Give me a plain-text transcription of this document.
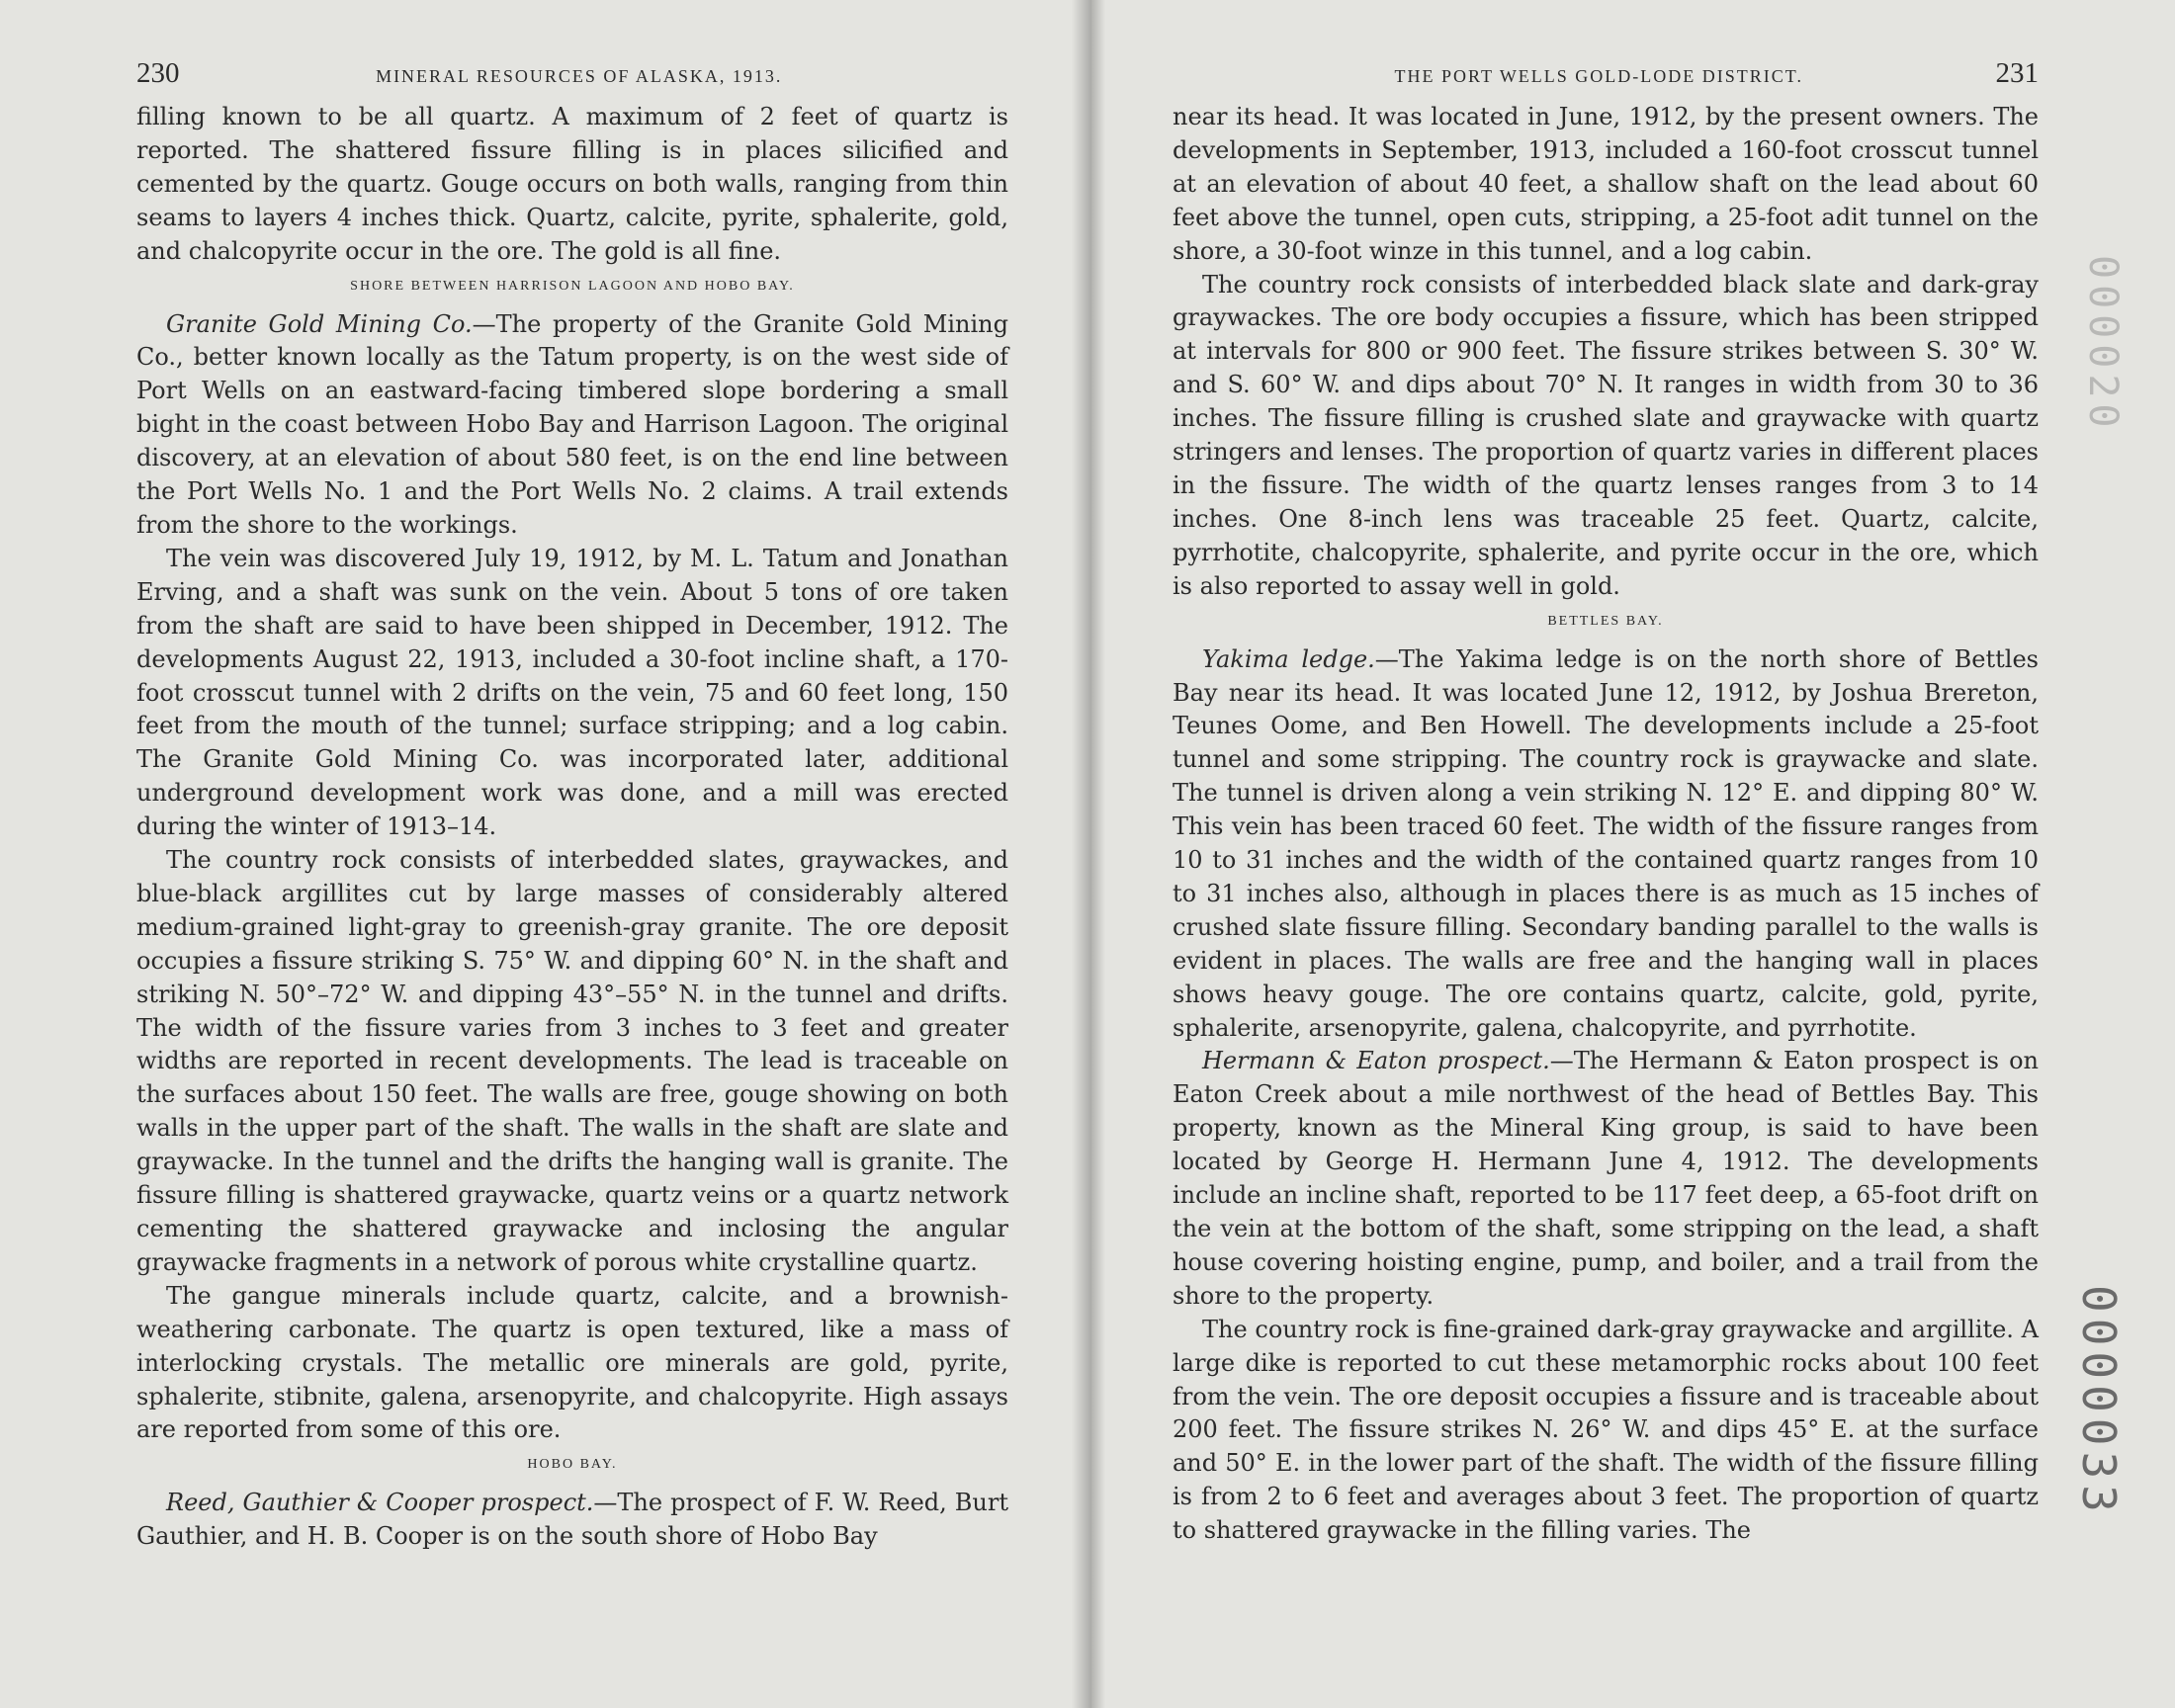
230	MINERAL RESOURCES OF ALASKA, 1913.

filling known to be all quartz. A maximum of 2 feet of quartz is reported. The shattered fissure filling is in places silicified and cemented by the quartz. Gouge occurs on both walls, ranging from thin seams to layers 4 inches thick. Quartz, calcite, pyrite, sphalerite, gold, and chalcopyrite occur in the ore. The gold is all fine.

SHORE BETWEEN HARRISON LAGOON AND HOBO BAY.

Granite Gold Mining Co.—The property of the Granite Gold Mining Co., better known locally as the Tatum property, is on the west side of Port Wells on an eastward-facing timbered slope bordering a small bight in the coast between Hobo Bay and Harrison Lagoon. The original discovery, at an elevation of about 580 feet, is on the end line between the Port Wells No. 1 and the Port Wells No. 2 claims. A trail extends from the shore to the workings.

The vein was discovered July 19, 1912, by M. L. Tatum and Jonathan Erving, and a shaft was sunk on the vein. About 5 tons of ore taken from the shaft are said to have been shipped in December, 1912. The developments August 22, 1913, included a 30-foot incline shaft, a 170-foot crosscut tunnel with 2 drifts on the vein, 75 and 60 feet long, 150 feet from the mouth of the tunnel; surface stripping; and a log cabin. The Granite Gold Mining Co. was incorporated later, additional underground development work was done, and a mill was erected during the winter of 1913–14.

The country rock consists of interbedded slates, graywackes, and blue-black argillites cut by large masses of considerably altered medium-grained light-gray to greenish-gray granite. The ore deposit occupies a fissure striking S. 75° W. and dipping 60° N. in the shaft and striking N. 50°–72° W. and dipping 43°–55° N. in the tunnel and drifts. The width of the fissure varies from 3 inches to 3 feet and greater widths are reported in recent developments. The lead is traceable on the surfaces about 150 feet. The walls are free, gouge showing on both walls in the upper part of the shaft. The walls in the shaft are slate and graywacke. In the tunnel and the drifts the hanging wall is granite. The fissure filling is shattered graywacke, quartz veins or a quartz network cementing the shattered graywacke and inclosing the angular graywacke fragments in a network of porous white crystalline quartz.

The gangue minerals include quartz, calcite, and a brownish-weathering carbonate. The quartz is open textured, like a mass of interlocking crystals. The metallic ore minerals are gold, pyrite, sphalerite, stibnite, galena, arsenopyrite, and chalcopyrite. High assays are reported from some of this ore.

HOBO BAY.

Reed, Gauthier & Cooper prospect.—The prospect of F. W. Reed, Burt Gauthier, and H. B. Cooper is on the south shore of Hobo Bay

THE PORT WELLS GOLD-LODE DISTRICT.	231

near its head. It was located in June, 1912, by the present owners. The developments in September, 1913, included a 160-foot crosscut tunnel at an elevation of about 40 feet, a shallow shaft on the lead about 60 feet above the tunnel, open cuts, stripping, a 25-foot adit tunnel on the shore, a 30-foot winze in this tunnel, and a log cabin.

The country rock consists of interbedded black slate and dark-gray graywackes. The ore body occupies a fissure, which has been stripped at intervals for 800 or 900 feet. The fissure strikes between S. 30° W. and S. 60° W. and dips about 70° N. It ranges in width from 30 to 36 inches. The fissure filling is crushed slate and graywacke with quartz stringers and lenses. The proportion of quartz varies in different places in the fissure. The width of the quartz lenses ranges from 3 to 14 inches. One 8-inch lens was traceable 25 feet. Quartz, calcite, pyrrhotite, chalcopyrite, sphalerite, and pyrite occur in the ore, which is also reported to assay well in gold.

BETTLES BAY.

Yakima ledge.—The Yakima ledge is on the north shore of Bettles Bay near its head. It was located June 12, 1912, by Joshua Brereton, Teunes Oome, and Ben Howell. The developments include a 25-foot tunnel and some stripping. The country rock is graywacke and slate. The tunnel is driven along a vein striking N. 12° E. and dipping 80° W. This vein has been traced 60 feet. The width of the fissure ranges from 10 to 31 inches and the width of the contained quartz ranges from 10 to 31 inches also, although in places there is as much as 15 inches of crushed slate fissure filling. Secondary banding parallel to the walls is evident in places. The walls are free and the hanging wall in places shows heavy gouge. The ore contains quartz, calcite, gold, pyrite, sphalerite, arsenopyrite, galena, chalcopyrite, and pyrrhotite.

Hermann & Eaton prospect.—The Hermann & Eaton prospect is on Eaton Creek about a mile northwest of the head of Bettles Bay. This property, known as the Mineral King group, is said to have been located by George H. Hermann June 4, 1912. The developments include an incline shaft, reported to be 117 feet deep, a 65-foot drift on the vein at the bottom of the shaft, some stripping on the lead, a shaft house covering hoisting engine, pump, and boiler, and a trail from the shore to the property.

The country rock is fine-grained dark-gray graywacke and argillite. A large dike is reported to cut these metamorphic rocks about 100 feet from the vein. The ore deposit occupies a fissure and is traceable about 200 feet. The fissure strikes N. 26° W. and dips 45° E. at the surface and 50° E. in the lower part of the shaft. The width of the fissure filling is from 2 to 6 feet and averages about 3 feet. The proportion of quartz to shattered graywacke in the filling varies. The

000020
0000033
